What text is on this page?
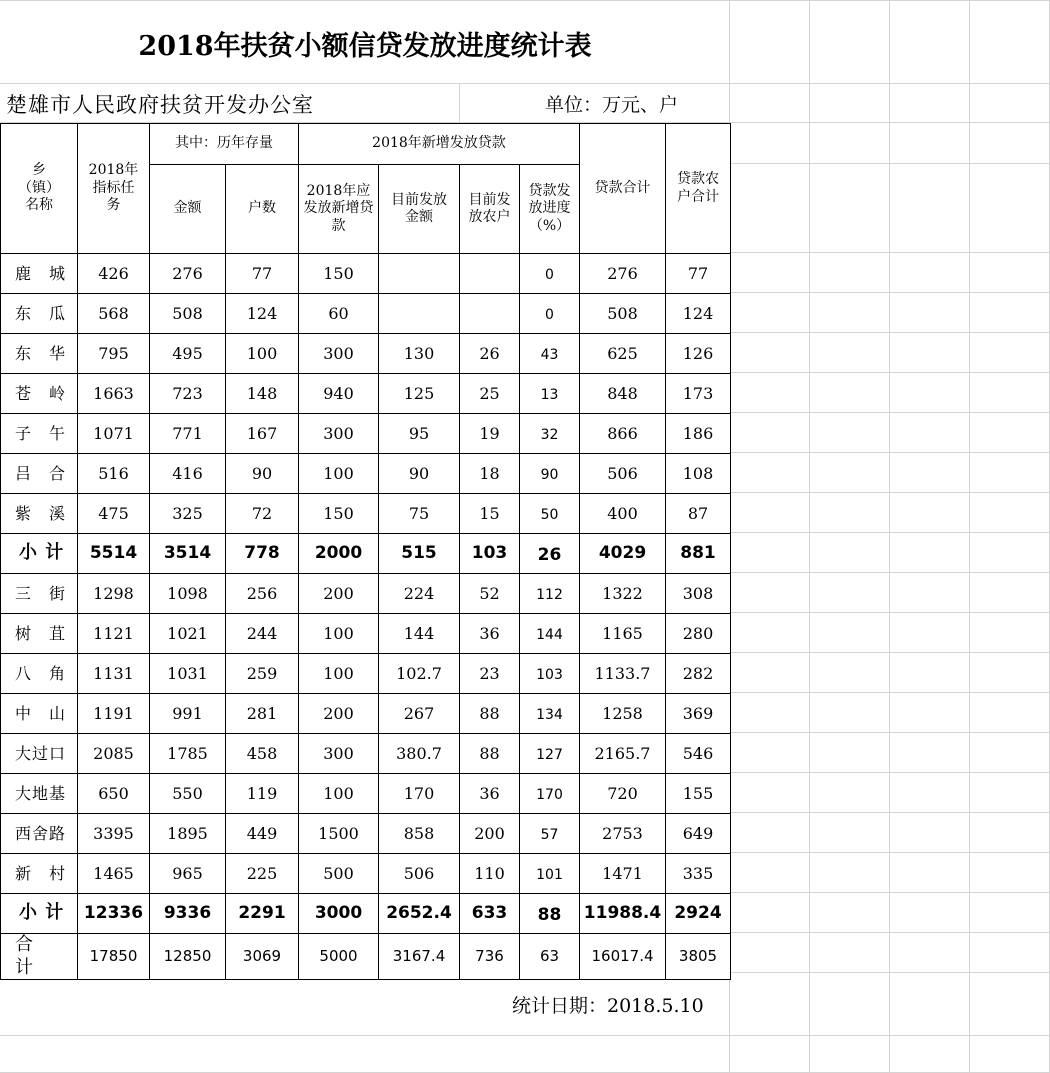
2018年扶贫小额信贷发放进度统计表
楚雄市人民政府扶贫开发办公室	单位：万元、户
乡（镇）名称	2018年指标任务	其中：历年存量		2018年新增发放贷款				贷款合计	贷款农户合计
		金额	户数	2018年应发放新增贷款	目前发放金额	目前发放农户	贷款发放进度（%）		
鹿　城	426	276	77	150			0	276	77
东　瓜	568	508	124	60			0	508	124
东　华	795	495	100	300	130	26	43	625	126
苍　岭	1663	723	148	940	125	25	13	848	173
子　午	1071	771	167	300	95	19	32	866	186
吕　合	516	416	90	100	90	18	90	506	108
紫　溪	475	325	72	150	75	15	50	400	87
小 计	5514	3514	778	2000	515	103	26	4029	881
三　街	1298	1098	256	200	224	52	112	1322	308
树　苴	1121	1021	244	100	144	36	144	1165	280
八　角	1131	1031	259	100	102.7	23	103	1133.7	282
中　山	1191	991	281	200	267	88	134	1258	369
大过口	2085	1785	458	300	380.7	88	127	2165.7	546
大地基	650	550	119	100	170	36	170	720	155
西舍路	3395	1895	449	1500	858	200	57	2753	649
新　村	1465	965	225	500	506	110	101	1471	335
小 计	12336	9336	2291	3000	2652.4	633	88	11988.4	2924
合计	17850	12850	3069	5000	3167.4	736	63	16017.4	3805
统计日期：2018.5.10
